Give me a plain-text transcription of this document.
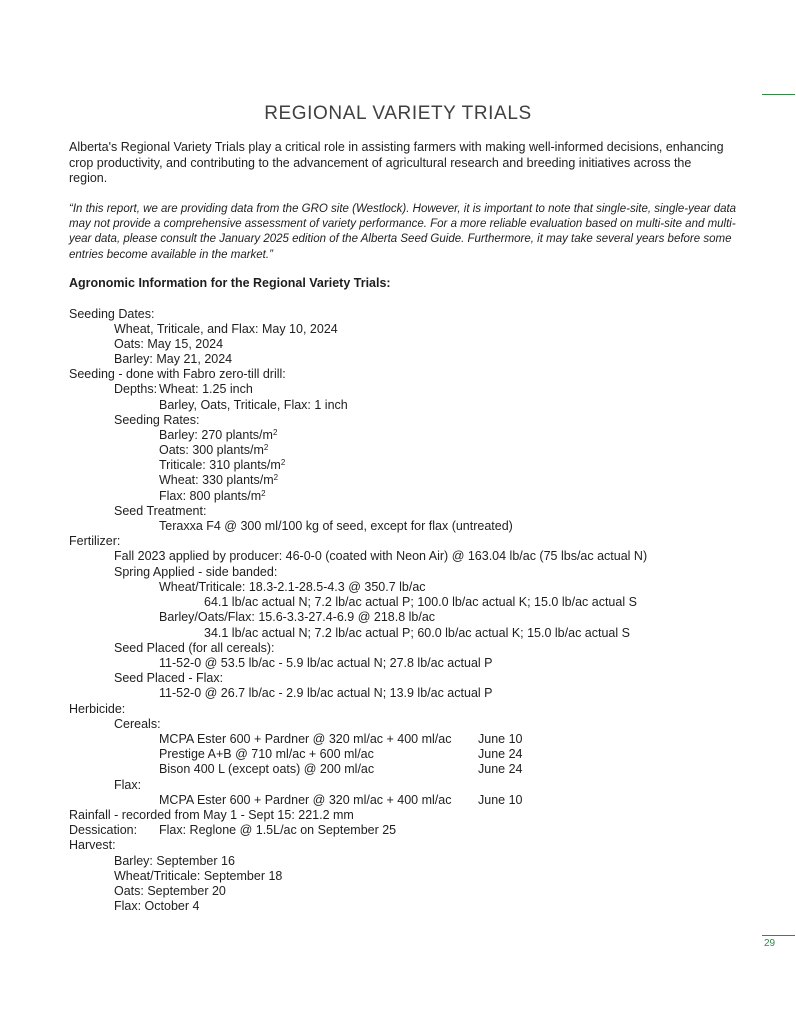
REGIONAL VARIETY TRIALS

Alberta's Regional Variety Trials play a critical role in assisting farmers with making well-informed decisions, enhancing crop productivity, and contributing to the advancement of agricultural research and breeding initiatives across the region.

“In this report, we are providing data from the GRO site (Westlock). However, it is important to note that single-site, single-year data may not provide a comprehensive assessment of variety performance. For a more reliable evaluation based on multi-site and multi-year data, please consult the January 2025 edition of the Alberta Seed Guide. Furthermore, it may take several years before some entries become available in the market.”

Agronomic Information for the Regional Variety Trials:
Seeding Dates:
Wheat, Triticale, and Flax: May 10, 2024
Oats: May 15, 2024
Barley: May 21, 2024
Seeding - done with Fabro zero-till drill:
Depths: Wheat: 1.25 inch
Barley, Oats, Triticale, Flax: 1 inch
Seeding Rates:
Barley: 270 plants/$m^2$
Oats: 300 plants/$m^2$
Triticale: 310 plants/$m^2$
Wheat: 330 plants/$m^2$
Flax: 800 plants/$m^2$
Seed Treatment:
Teraxxa F4 @ 300 ml/100 kg of seed, except for flax (untreated)
Fertilizer:
Fall 2023 applied by producer: 46-0-0 (coated with Neon Air) @ 163.04 lb/ac (75 lbs/ac actual N)
Spring Applied - side banded:
Wheat/Triticale: 18.3-2.1-28.5-4.3 @ 350.7 lb/ac
64.1 lb/ac actual N; 7.2 lb/ac actual P; 100.0 lb/ac actual K; 15.0 lb/ac actual S
Barley/Oats/Flax: 15.6-3.3-27.4-6.9 @ 218.8 lb/ac
34.1 lb/ac actual N; 7.2 lb/ac actual P; 60.0 lb/ac actual K; 15.0 lb/ac actual S
Seed Placed (for all cereals):
11-52-0 @ 53.5 lb/ac - 5.9 lb/ac actual N; 27.8 lb/ac actual P
Seed Placed - Flax:
11-52-0 @ 26.7 lb/ac - 2.9 lb/ac actual N; 13.9 lb/ac actual P
Herbicide:
Cereals:
MCPA Ester 600 + Pardner @ 320 ml/ac + 400 ml/ac June 10
Prestige A+B @ 710 ml/ac + 600 ml/ac	June 24
Bison 400 L (except oats) @ 200 ml/ac	June 24
Flax:
MCPA Ester 600 + Pardner @ 320 ml/ac + 400 ml/ac June 10
Rainfall - recorded from May 1 - Sept 15: 221.2 mm
Dessication: Flax: Reglone @ 1.5L/ac on September 25
Harvest:
Barley: September 16
Wheat/Triticale: September 18
Oats: September 20
Flax: October 4
29
